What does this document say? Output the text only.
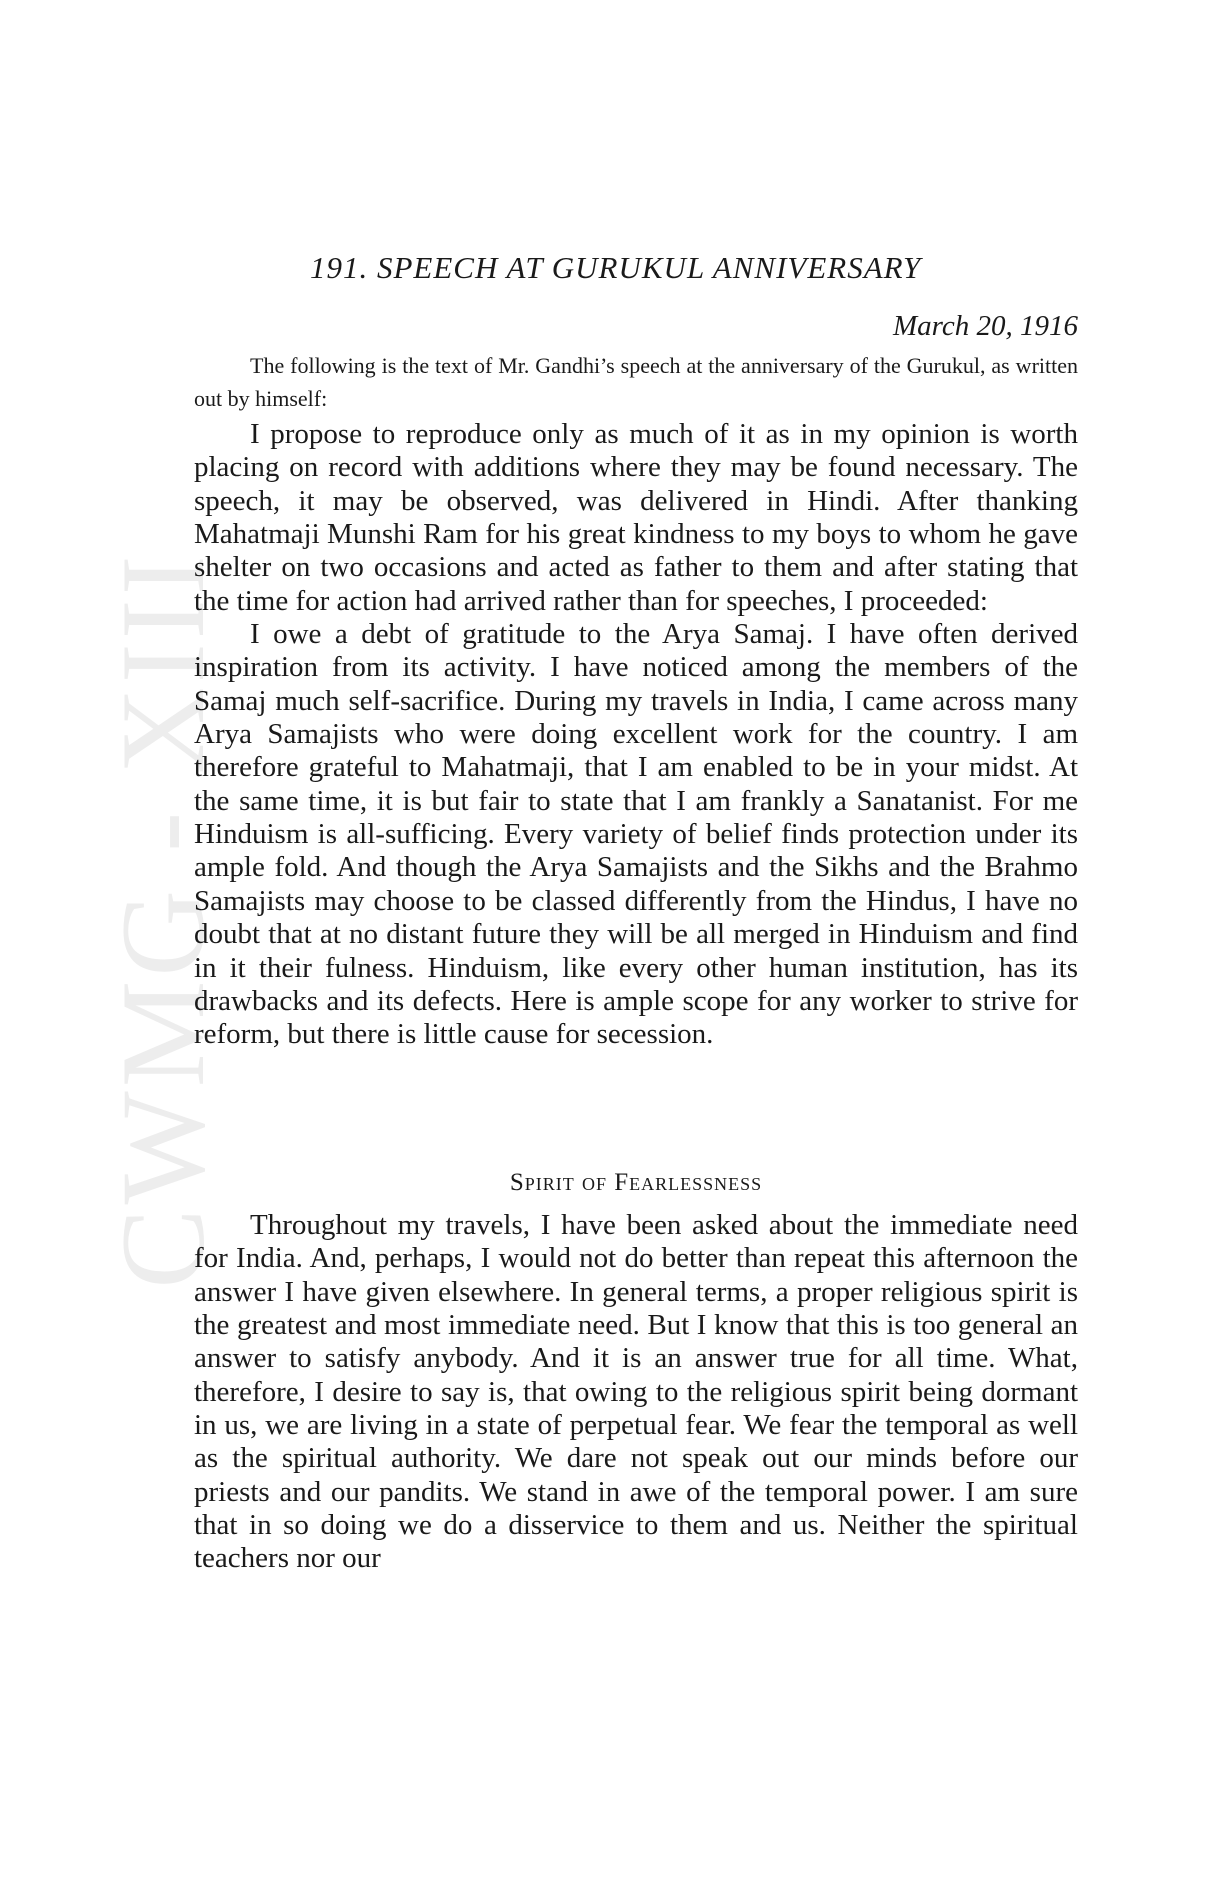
CWMG - XIII
191. SPEECH AT GURUKUL ANNIVERSARY
March 20, 1916

The following is the text of Mr. Gandhi’s speech at the anniversary of the Gurukul, as written out by himself:

I propose to reproduce only as much of it as in my opinion is worth placing on record with additions where they may be found necessary. The speech, it may be observed, was delivered in Hindi. After thanking Mahatmaji Munshi Ram for his great kindness to my boys to whom he gave shelter on two occasions and acted as father to them and after stating that the time for action had arrived rather than for speeches, I proceeded:

I owe a debt of gratitude to the Arya Samaj. I have often derived inspiration from its activity. I have noticed among the members of the Samaj much self-sacrifice. During my travels in India, I came across many Arya Samajists who were doing excellent work for the country. I am therefore grateful to Mahatmaji, that I am enabled to be in your midst. At the same time, it is but fair to state that I am frankly a Sanatanist. For me Hinduism is all-sufficing. Every variety of belief finds protection under its ample fold. And though the Arya Samajists and the Sikhs and the Brahmo Samajists may choose to be classed differently from the Hindus, I have no doubt that at no distant future they will be all merged in Hinduism and find in it their fulness. Hinduism, like every other human institution, has its drawbacks and its defects. Here is ample scope for any worker to strive for reform, but there is little cause for secession.

Spirit of Fearlessness

Throughout my travels, I have been asked about the immediate need for India. And, perhaps, I would not do better than repeat this afternoon the answer I have given elsewhere. In general terms, a proper religious spirit is the greatest and most immediate need. But I know that this is too general an answer to satisfy anybody. And it is an answer true for all time. What, therefore, I desire to say is, that owing to the religious spirit being dormant in us, we are living in a state of perpetual fear. We fear the temporal as well as the spiritual authority. We dare not speak out our minds before our priests and our pandits. We stand in awe of the temporal power. I am sure that in so doing we do a disservice to them and us. Neither the spiritual teachers nor our
